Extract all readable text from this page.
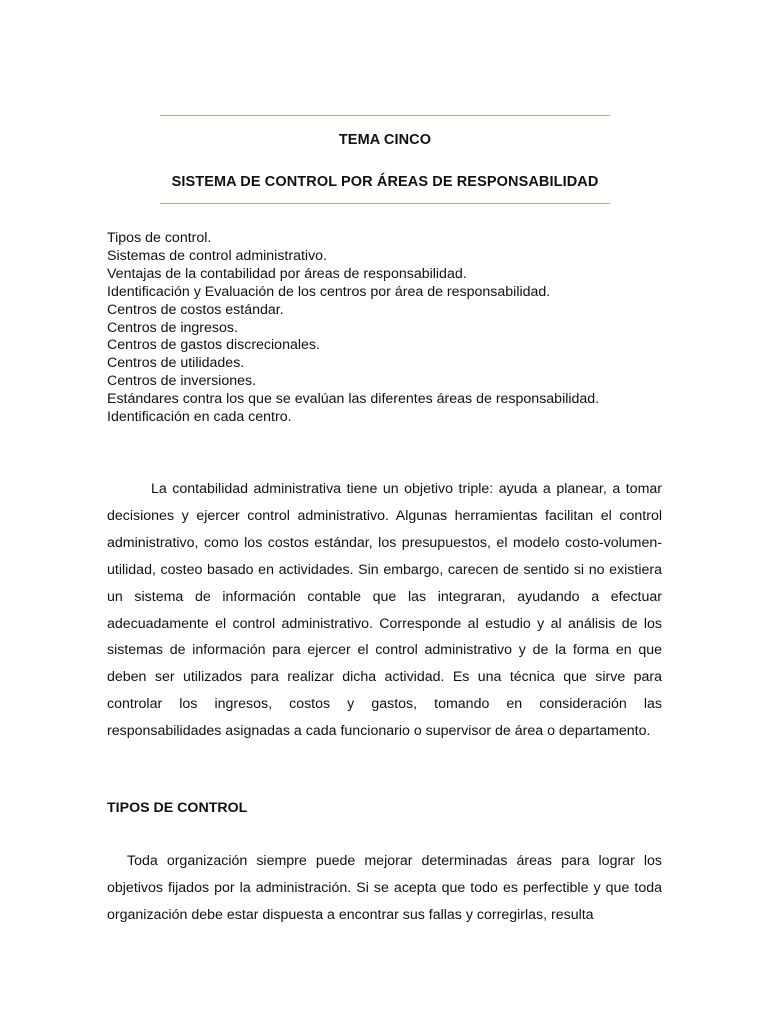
TEMA CINCO
SISTEMA DE CONTROL POR ÁREAS DE RESPONSABILIDAD
Tipos de control.
Sistemas de control administrativo.
Ventajas de la contabilidad por áreas de responsabilidad.
Identificación y Evaluación de los centros por área de responsabilidad.
Centros de costos estándar.
Centros de ingresos.
Centros de gastos discrecionales.
Centros de utilidades.
Centros de inversiones.
Estándares contra los que se evalúan las diferentes áreas de responsabilidad.
Identificación en cada centro.

La contabilidad administrativa tiene un objetivo triple: ayuda a planear, a tomar decisiones y ejercer control administrativo. Algunas herramientas facilitan el control administrativo, como los costos estándar, los presupuestos, el modelo costo-volumen-utilidad, costeo basado en actividades. Sin embargo, carecen de sentido si no existiera un sistema de información contable que las integraran, ayudando a efectuar adecuadamente el control administrativo. Corresponde al estudio y al análisis de los sistemas de información para ejercer el control administrativo y de la forma en que deben ser utilizados para realizar dicha actividad. Es una técnica que sirve para controlar los ingresos, costos y gastos, tomando en consideración las responsabilidades asignadas a cada funcionario o supervisor de área o departamento.

TIPOS DE CONTROL

Toda organización siempre puede mejorar determinadas áreas para lograr los objetivos fijados por la administración. Si se acepta que todo es perfectible y que toda organización debe estar dispuesta a encontrar sus fallas y corregirlas, resulta
